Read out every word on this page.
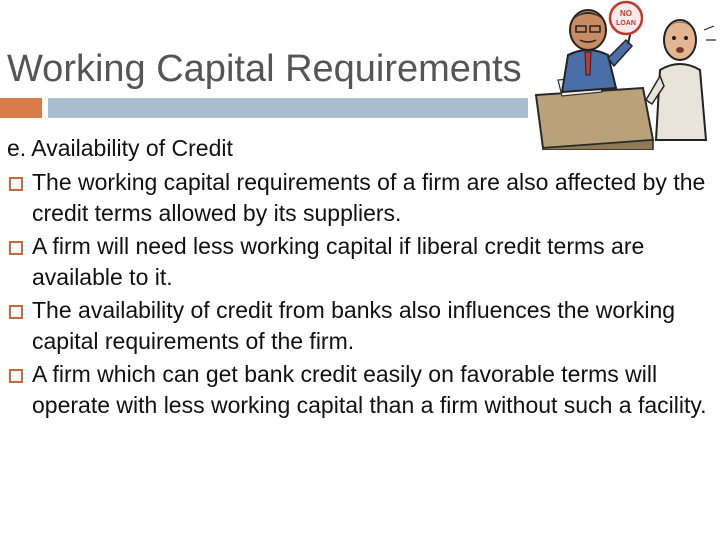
Working Capital Requirements
NO
LOAN

e. Availability of Credit

The working capital requirements of a firm are also affected by the credit terms allowed by its suppliers.
A firm will need less working capital if liberal credit terms are available to it.
The availability of credit from banks also influences the working capital requirements of the firm.
A firm which can get bank credit easily on favorable terms will operate with less working capital than a firm without such a facility.
